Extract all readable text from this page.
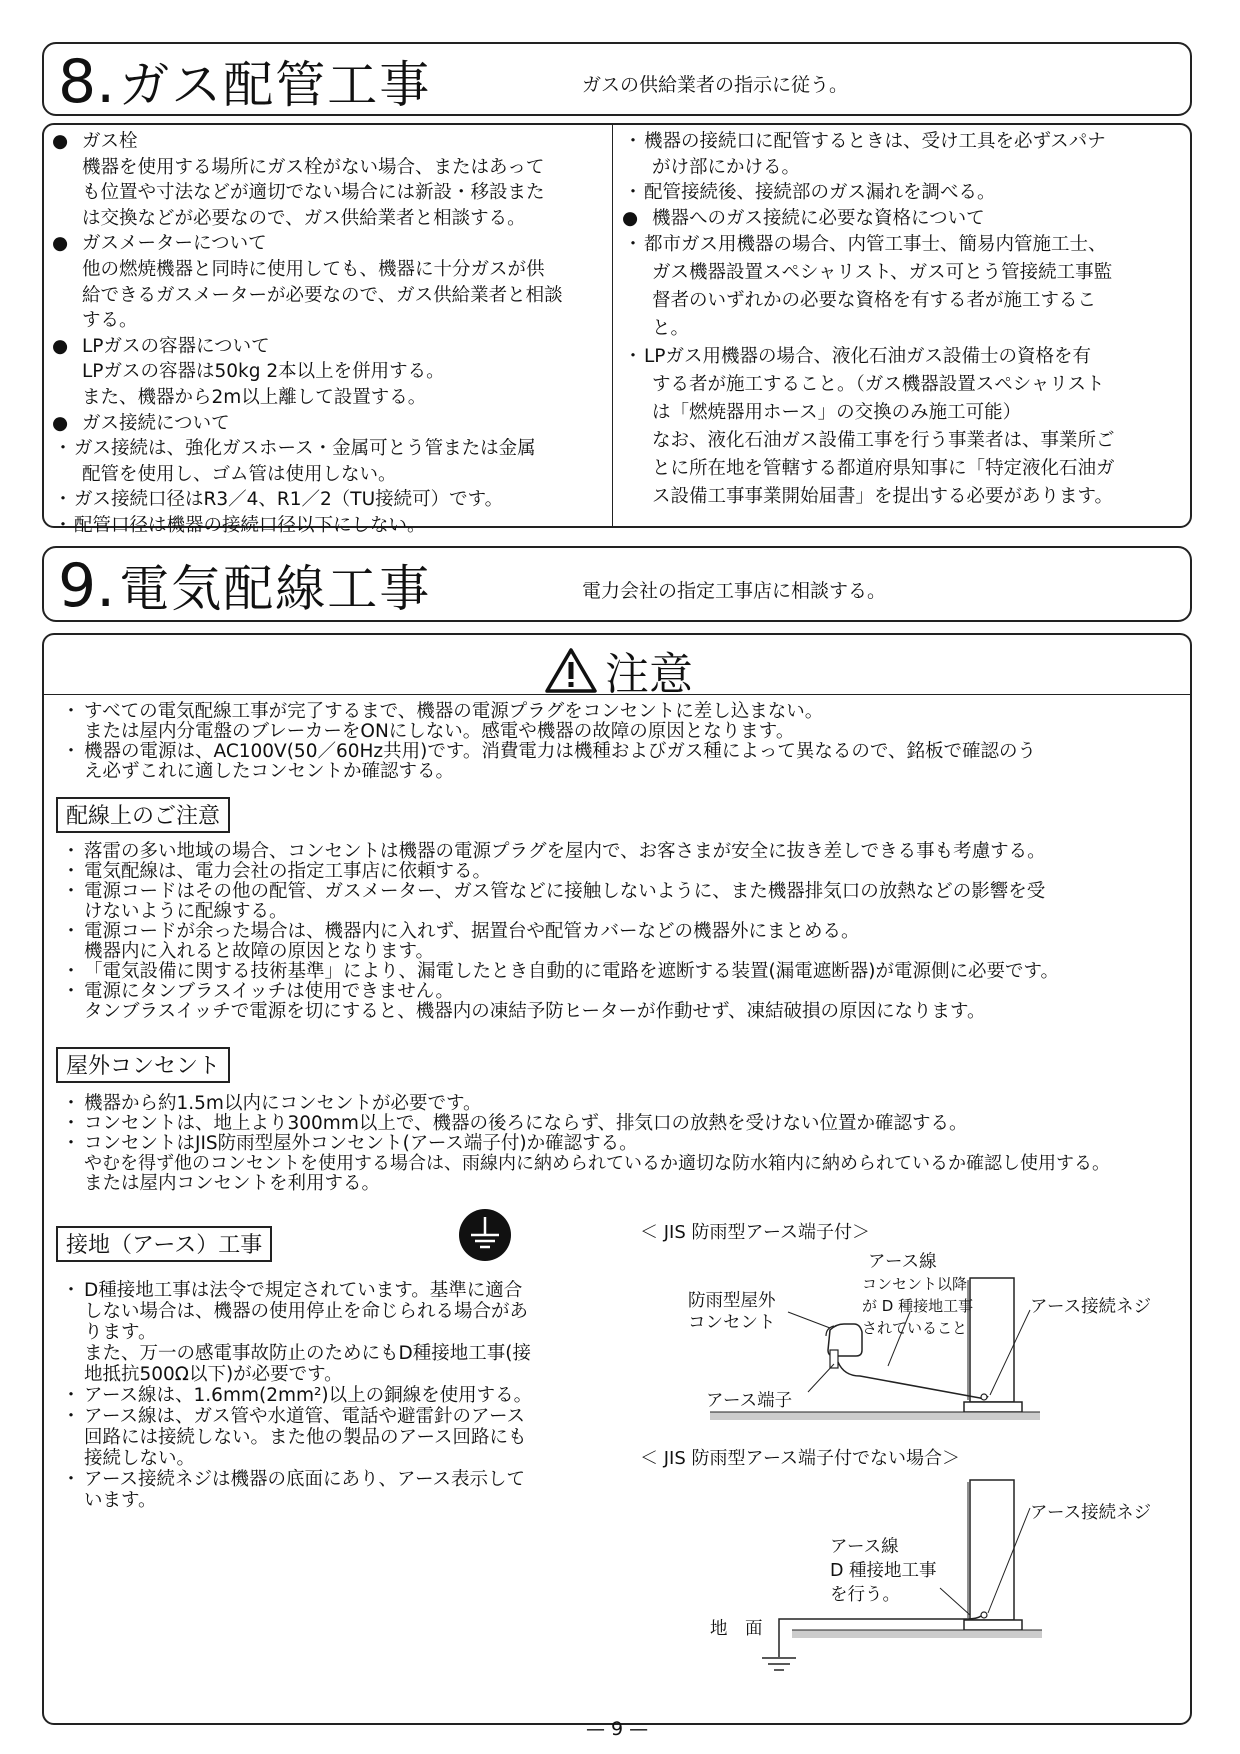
8. ガス配管工事	ガスの供給業者の指示に従う。
● ガス栓
機器を使用する場所にガス栓がない場合、またはあって
も位置や寸法などが適切でない場合には新設・移設また
は交換などが必要なので、ガス供給業者と相談する。
● ガスメーターについて
他の燃焼機器と同時に使用しても、機器に十分ガスが供
給できるガスメーターが必要なので、ガス供給業者と相談
する。
● LPガスの容器について
LPガスの容器は50kg 2本以上を併用する。
また、機器から2m以上離して設置する。
● ガス接続について
・ ガス接続は、強化ガスホース・金属可とう管または金属
配管を使用し、ゴム管は使用しない。
・ ガス接続口径はR3／4、R1／2（TU接続可）です。
・ 配管口径は機器の接続口径以下にしない。
・ 機器の接続口に配管するときは、受け工具を必ずスパナ
がけ部にかける。
・ 配管接続後、接続部のガス漏れを調べる。
● 機器へのガス接続に必要な資格について
・ 都市ガス用機器の場合、内管工事士、簡易内管施工士、
ガス機器設置スペシャリスト、ガス可とう管接続工事監
督者のいずれかの必要な資格を有する者が施工するこ
と。
・ LPガス用機器の場合、液化石油ガス設備士の資格を有
する者が施工すること。（ガス機器設置スペシャリスト
は「燃焼器用ホース」の交換のみ施工可能）
なお、液化石油ガス設備工事を行う事業者は、事業所ご
とに所在地を管轄する都道府県知事に「特定液化石油ガ
ス設備工事事業開始届書」を提出する必要があります。
9. 電気配線工事	電力会社の指定工事店に相談する。
注意
・ すべての電気配線工事が完了するまで、機器の電源プラグをコンセントに差し込まない。
または屋内分電盤のブレーカーをONにしない。感電や機器の故障の原因となります。
・ 機器の電源は、AC100V(50／60Hz共用)です。消費電力は機種およびガス種によって異なるので、銘板で確認のう
え必ずこれに適したコンセントか確認する。
配線上のご注意
・ 落雷の多い地域の場合、コンセントは機器の電源プラグを屋内で、お客さまが安全に抜き差しできる事も考慮する。
・ 電気配線は、電力会社の指定工事店に依頼する。
・ 電源コードはその他の配管、ガスメーター、ガス管などに接触しないように、また機器排気口の放熱などの影響を受
けないように配線する。
・ 電源コードが余った場合は、機器内に入れず、据置台や配管カバーなどの機器外にまとめる。
機器内に入れると故障の原因となります。
・ 「電気設備に関する技術基準」により、漏電したとき自動的に電路を遮断する装置(漏電遮断器)が電源側に必要です。
・ 電源にタンブラスイッチは使用できません。
タンブラスイッチで電源を切にすると、機器内の凍結予防ヒーターが作動せず、凍結破損の原因になります。
屋外コンセント
・ 機器から約1.5m以内にコンセントが必要です。
・ コンセントは、地上より300mm以上で、機器の後ろにならず、排気口の放熱を受けない位置か確認する。
・ コンセントはJIS防雨型屋外コンセント(アース端子付)か確認する。
やむを得ず他のコンセントを使用する場合は、雨線内に納められているか適切な防水箱内に納められているか確認し使用する。
または屋内コンセントを利用する。
接地（アース）工事
・ D種接地工事は法令で規定されています。基準に適合
しない場合は、機器の使用停止を命じられる場合があ
ります。
また、万一の感電事故防止のためにもD種接地工事(接
地抵抗500Ω以下)が必要です。
・ アース線は、1.6mm(2mm²)以上の銅線を使用する。
・ アース線は、ガス管や水道管、電話や避雷針のアース
回路には接続しない。また他の製品のアース回路にも
接続しない。
・ アース接続ネジは機器の底面にあり、アース表示して
います。
＜ JIS 防雨型アース端子付＞
アース線
コンセント以降
が D 種接地工事
されていること
防雨型屋外
コンセント
アース接続ネジ
アース端子
＜ JIS 防雨型アース端子付でない場合＞
アース接続ネジ
アース線
D 種接地工事
を行う。
地　面
— 9 —
